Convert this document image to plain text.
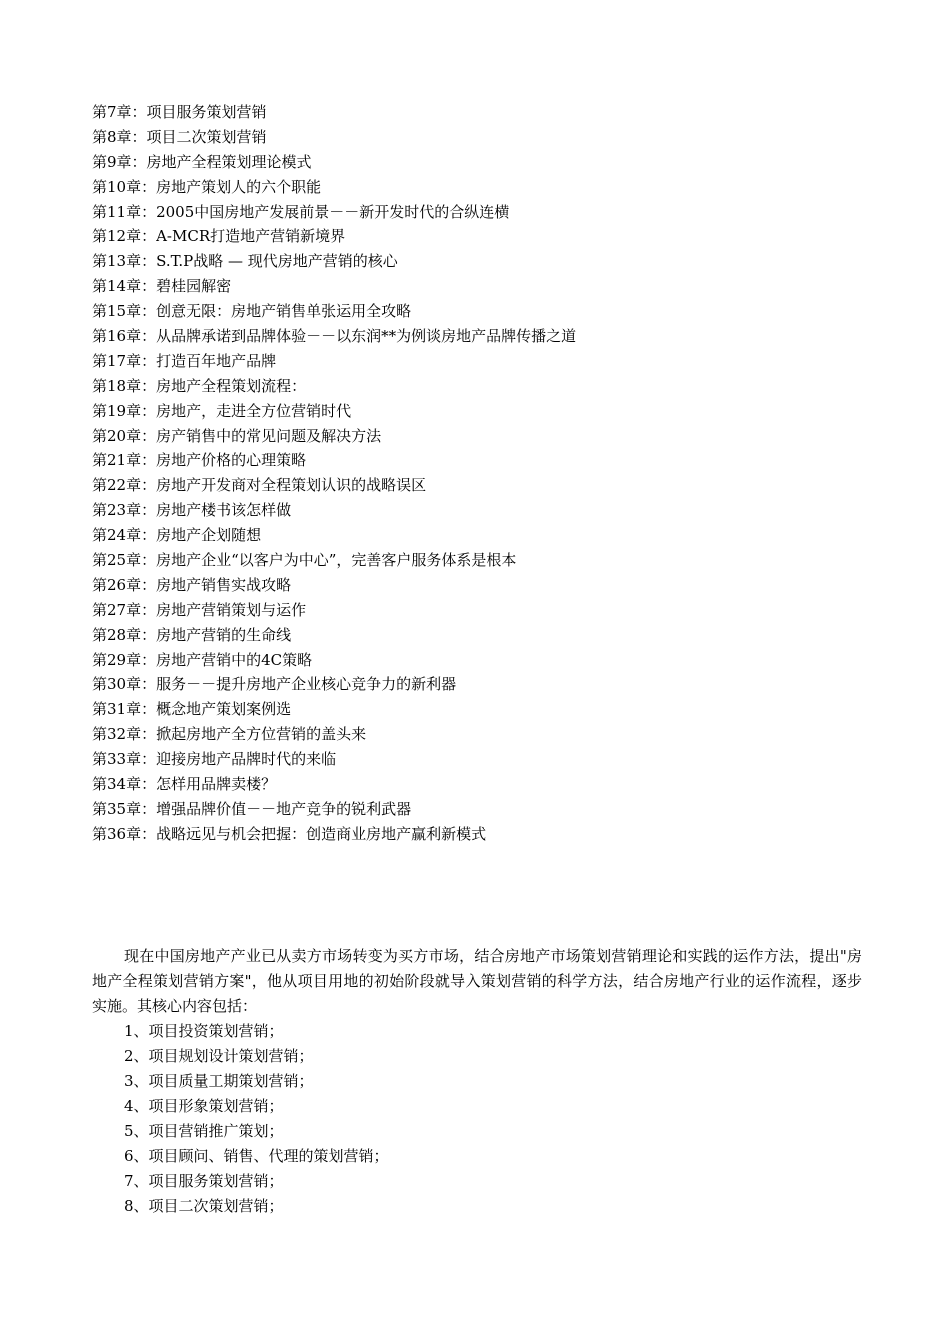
第7章：项目服务策划营销
第8章：项目二次策划营销
第9章：房地产全程策划理论模式
第10章：房地产策划人的六个职能
第11章：2005中国房地产发展前景－－新开发时代的合纵连横
第12章：A-MCR打造地产营销新境界
第13章：S.T.P战略 — 现代房地产营销的核心
第14章：碧桂园解密
第15章：创意无限：房地产销售单张运用全攻略
第16章：从品牌承诺到品牌体验－－以东润**为例谈房地产品牌传播之道
第17章：打造百年地产品牌
第18章：房地产全程策划流程：
第19章：房地产，走进全方位营销时代
第20章：房产销售中的常见问题及解决方法
第21章：房地产价格的心理策略
第22章：房地产开发商对全程策划认识的战略误区
第23章：房地产楼书该怎样做
第24章：房地产企划随想
第25章：房地产企业“以客户为中心”，完善客户服务体系是根本
第26章：房地产销售实战攻略
第27章：房地产营销策划与运作
第28章：房地产营销的生命线
第29章：房地产营销中的4C策略
第30章：服务－－提升房地产企业核心竞争力的新利器
第31章：概念地产策划案例选
第32章：掀起房地产全方位营销的盖头来
第33章：迎接房地产品牌时代的来临
第34章：怎样用品牌卖楼？
第35章：增强品牌价值－－地产竞争的锐利武器
第36章：战略远见与机会把握：创造商业房地产赢利新模式

现在中国房地产产业已从卖方市场转变为买方市场，结合房地产市场策划营销理论和实践的运作方法，提出"房地产全程策划营销方案"，他从项目用地的初始阶段就导入策划营销的科学方法，结合房地产行业的运作流程，逐步实施。其核心内容包括：

1、项目投资策划营销；
2、项目规划设计策划营销；
3、项目质量工期策划营销；
4、项目形象策划营销；
5、项目营销推广策划；
6、项目顾问、销售、代理的策划营销；
7、项目服务策划营销；
8、项目二次策划营销；
